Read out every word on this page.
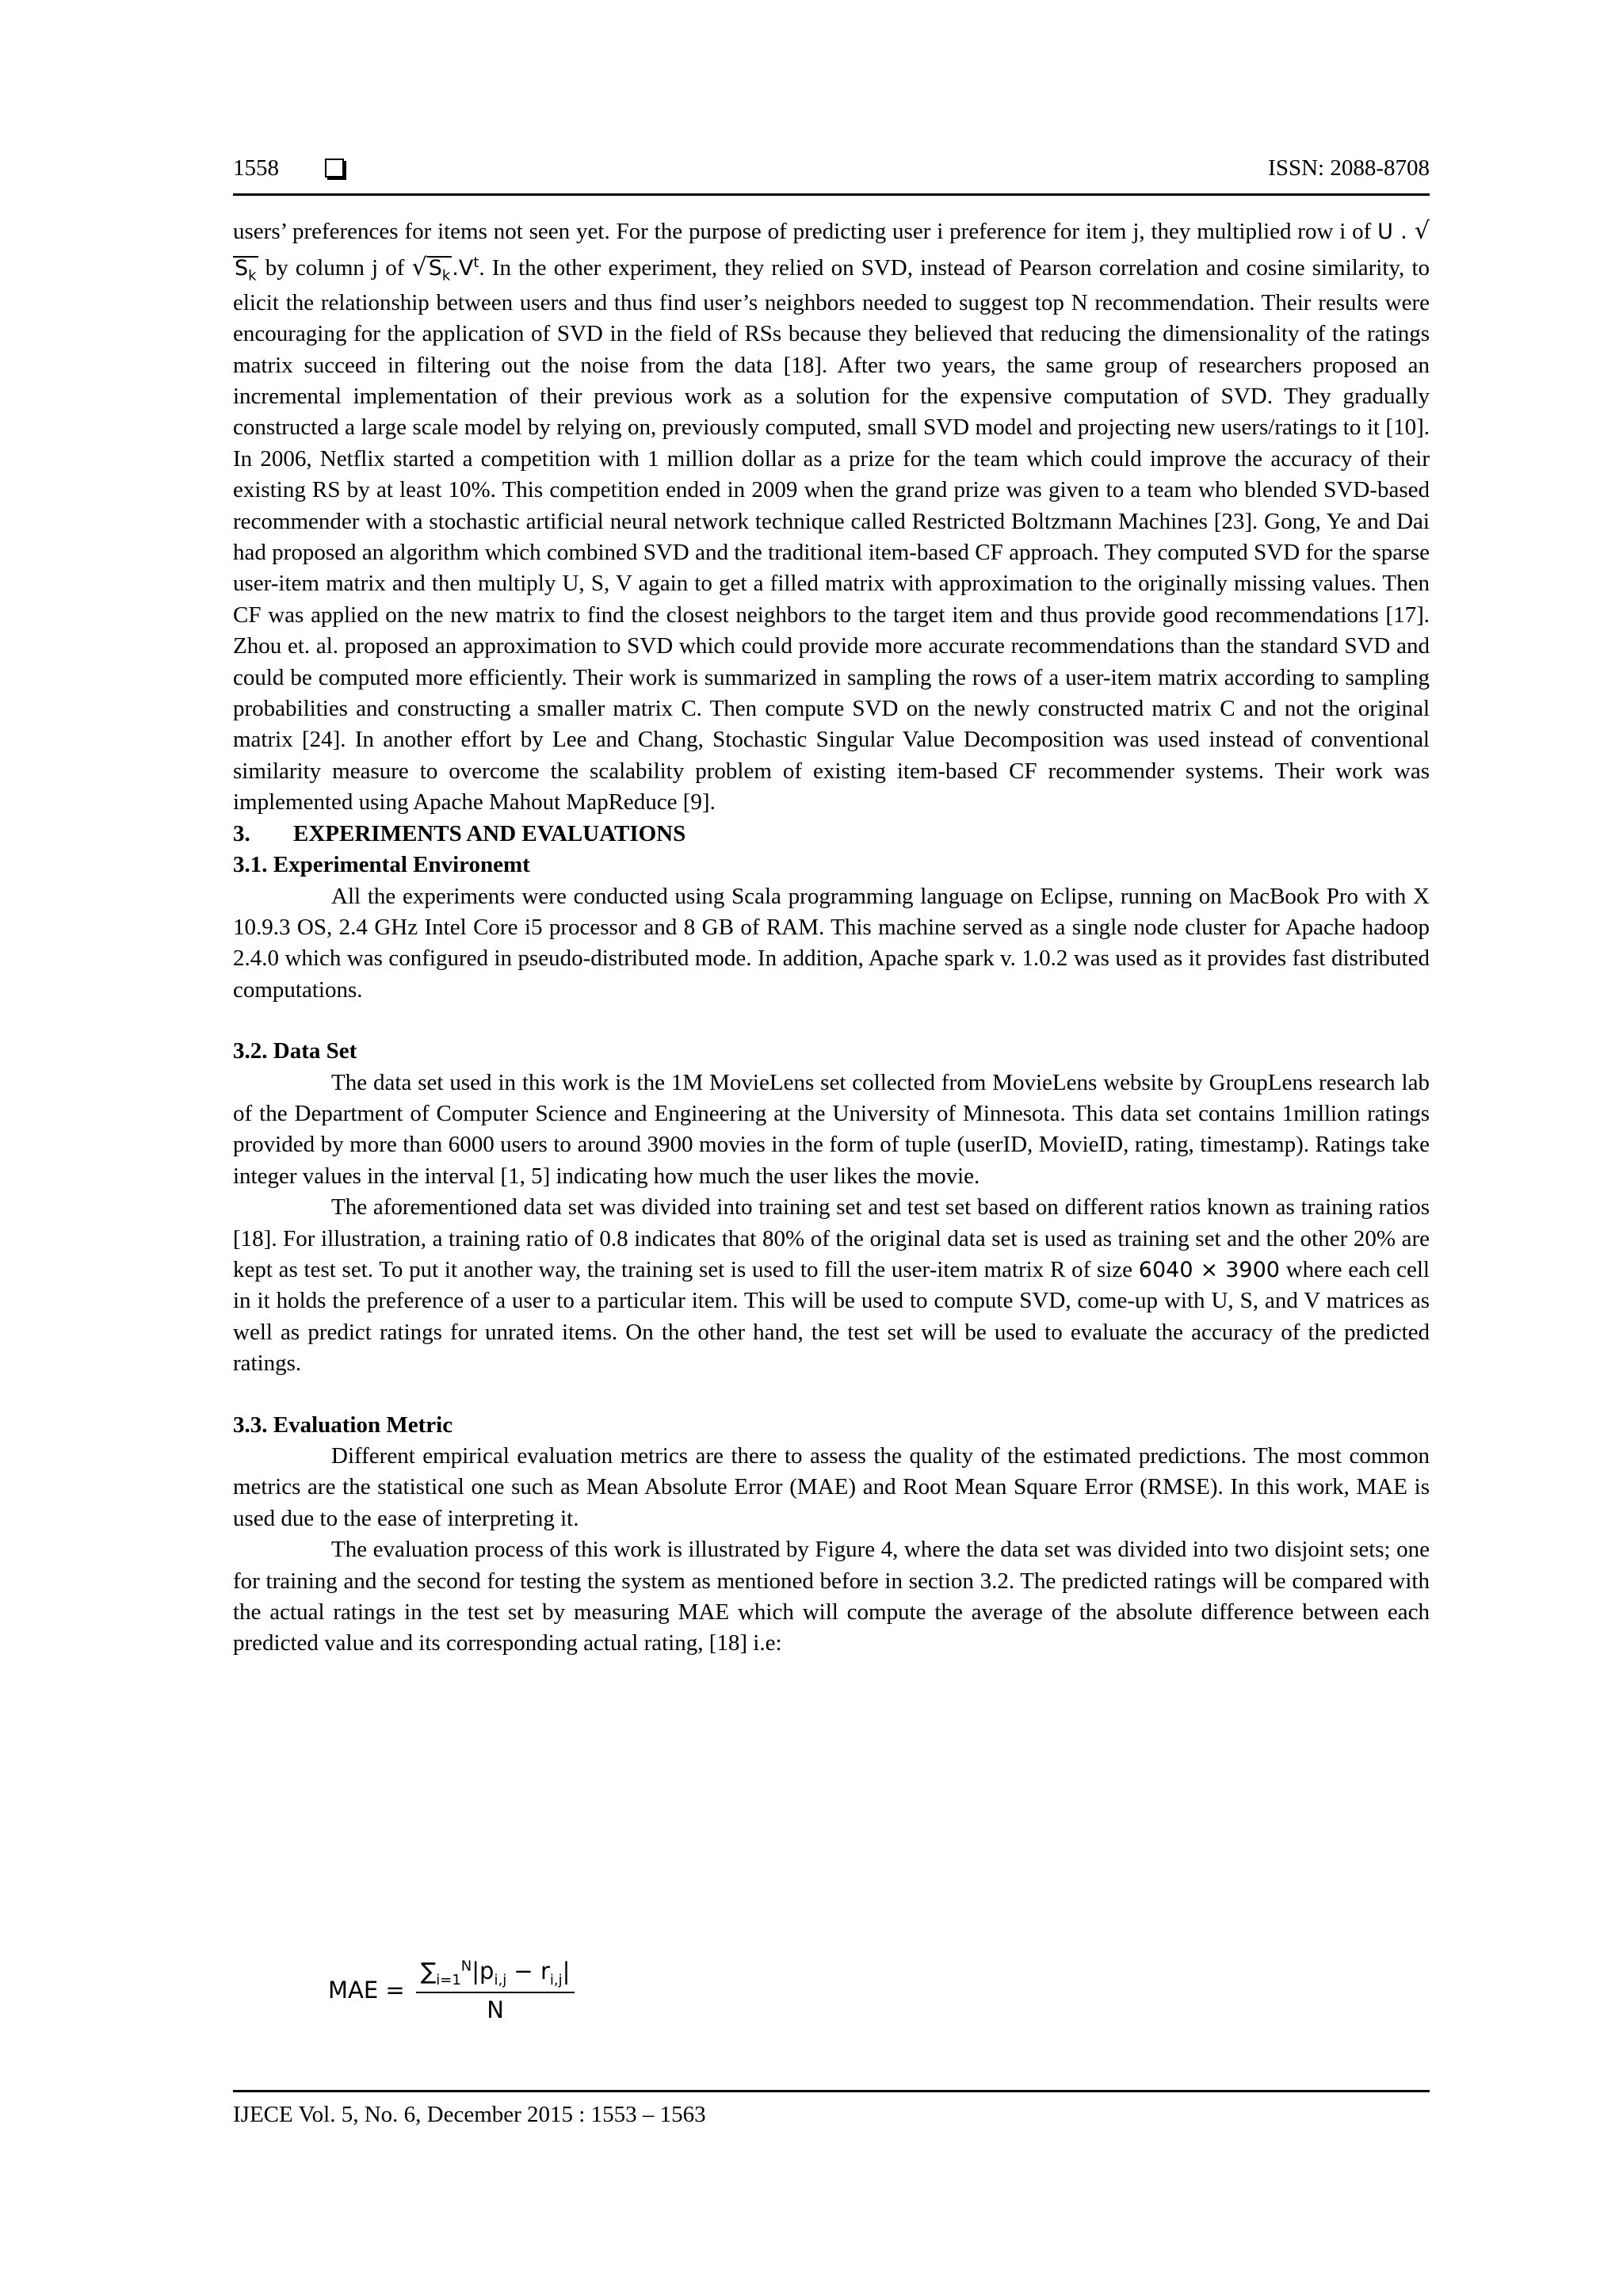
1558	ISSN: 2088-8708

users’ preferences for items not seen yet. For the purpose of predicting user i preference for item j, they multiplied row i of U . $√S_k$ by column j of $√S_k.V^t$. In the other experiment, they relied on SVD, instead of Pearson correlation and cosine similarity, to elicit the relationship between users and thus find user’s neighbors needed to suggest top N recommendation. Their results were encouraging for the application of SVD in the field of RSs because they believed that reducing the dimensionality of the ratings matrix succeed in filtering out the noise from the data [18]. After two years, the same group of researchers proposed an incremental implementation of their previous work as a solution for the expensive computation of SVD. They gradually constructed a large scale model by relying on, previously computed, small SVD model and projecting new users/ratings to it [10]. In 2006, Netflix started a competition with 1 million dollar as a prize for the team which could improve the accuracy of their existing RS by at least 10%. This competition ended in 2009 when the grand prize was given to a team who blended SVD-based recommender with a stochastic artificial neural network technique called Restricted Boltzmann Machines [23]. Gong, Ye and Dai had proposed an algorithm which combined SVD and the traditional item-based CF approach. They computed SVD for the sparse user-item matrix and then multiply U, S, V again to get a filled matrix with approximation to the originally missing values. Then CF was applied on the new matrix to find the closest neighbors to the target item and thus provide good recommendations [17]. Zhou et. al. proposed an approximation to SVD which could provide more accurate recommendations than the standard SVD and could be computed more efficiently. Their work is summarized in sampling the rows of a user-item matrix according to sampling probabilities and constructing a smaller matrix C. Then compute SVD on the newly constructed matrix C and not the original matrix [24]. In another effort by Lee and Chang, Stochastic Singular Value Decomposition was used instead of conventional similarity measure to overcome the scalability problem of existing item-based CF recommender systems. Their work was implemented using Apache Mahout MapReduce [9].

3. EXPERIMENTS AND EVALUATIONS

3.1. Experimental Environemt

All the experiments were conducted using Scala programming language on Eclipse, running on MacBook Pro with X 10.9.3 OS, 2.4 GHz Intel Core i5 processor and 8 GB of RAM. This machine served as a single node cluster for Apache hadoop 2.4.0 which was configured in pseudo-distributed mode. In addition, Apache spark v. 1.0.2 was used as it provides fast distributed computations.

3.2. Data Set

The data set used in this work is the 1M MovieLens set collected from MovieLens website by GroupLens research lab of the Department of Computer Science and Engineering at the University of Minnesota. This data set contains 1million ratings provided by more than 6000 users to around 3900 movies in the form of tuple (userID, MovieID, rating, timestamp). Ratings take integer values in the interval [1, 5] indicating how much the user likes the movie.

The aforementioned data set was divided into training set and test set based on different ratios known as training ratios [18]. For illustration, a training ratio of 0.8 indicates that 80% of the original data set is used as training set and the other 20% are kept as test set. To put it another way, the training set is used to fill the user-item matrix R of size 6040 × 3900 where each cell in it holds the preference of a user to a particular item. This will be used to compute SVD, come-up with U, S, and V matrices as well as predict ratings for unrated items. On the other hand, the test set will be used to evaluate the accuracy of the predicted ratings.

3.3. Evaluation Metric

Different empirical evaluation metrics are there to assess the quality of the estimated predictions. The most common metrics are the statistical one such as Mean Absolute Error (MAE) and Root Mean Square Error (RMSE). In this work, MAE is used due to the ease of interpreting it.

The evaluation process of this work is illustrated by Figure 4, where the data set was divided into two disjoint sets; one for training and the second for testing the system as mentioned before in section 3.2. The predicted ratings will be compared with the actual ratings in the test set by measuring MAE which will compute the average of the absolute difference between each predicted value and its corresponding actual rating, [18] i.e:

MAE = $\frac{\sum_{i=1}^N|p_{i,j} - r_{i,j}|}{N}$
IJECE Vol. 5, No. 6, December 2015 : 1553 – 1563
